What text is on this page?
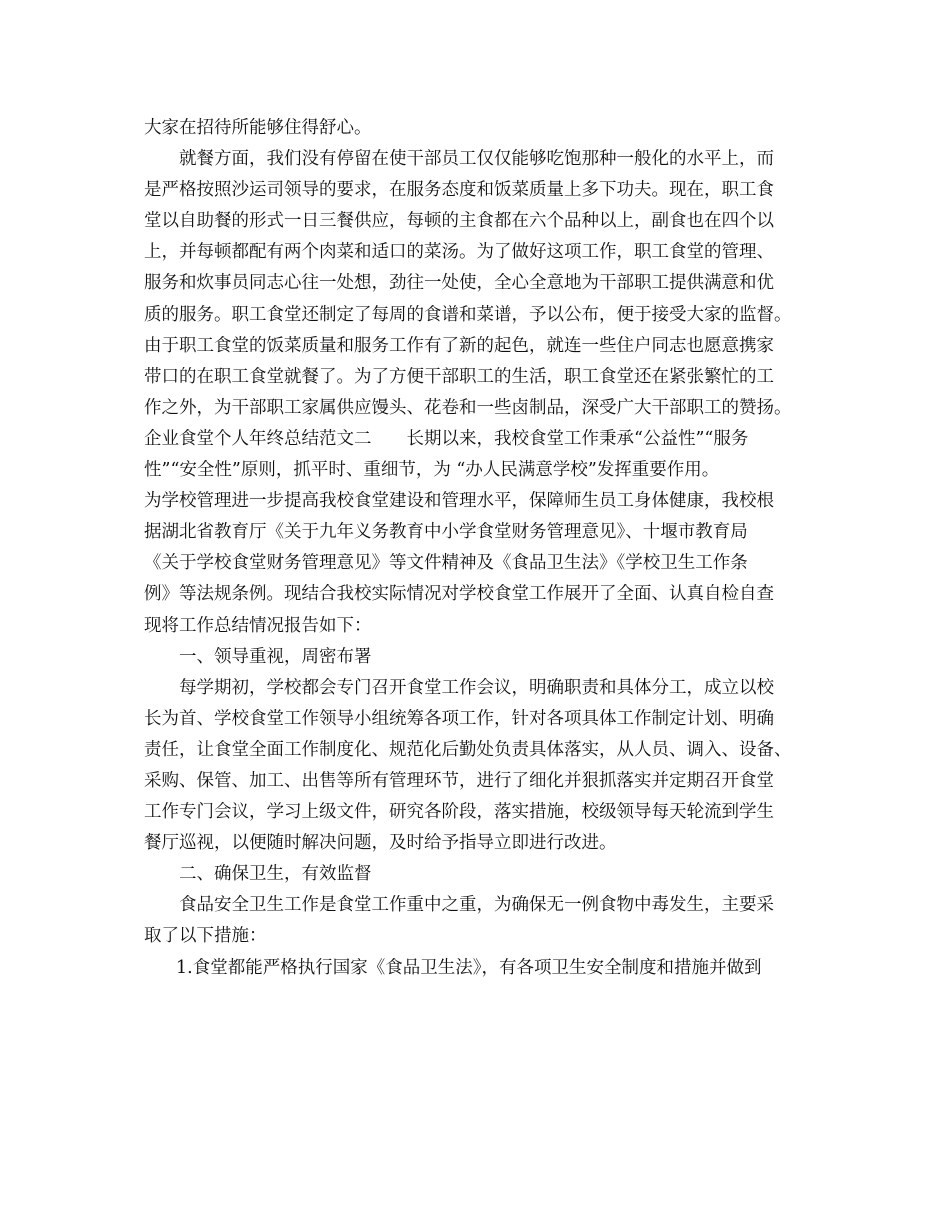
大家在招待所能够住得舒心。
就餐方面，我们没有停留在使干部员工仅仅能够吃饱那种一般化的水平上，而
是严格按照沙运司领导的要求，在服务态度和饭菜质量上多下功夫。现在，职工食
堂以自助餐的形式一日三餐供应，每顿的主食都在六个品种以上，副食也在四个以
上，并每顿都配有两个肉菜和适口的菜汤。为了做好这项工作，职工食堂的管理、
服务和炊事员同志心往一处想，劲往一处使，全心全意地为干部职工提供满意和优
质的服务。职工食堂还制定了每周的食谱和菜谱，予以公布，便于接受大家的监督。
由于职工食堂的饭菜质量和服务工作有了新的起色，就连一些住户同志也愿意携家
带口的在职工食堂就餐了。为了方便干部职工的生活，职工食堂还在紧张繁忙的工
作之外，为干部职工家属供应馒头、花卷和一些卤制品，深受广大干部职工的赞扬。
企业食堂个人年终总结范文二　　长期以来，我校食堂工作秉承“公益性”“服务
性”“安全性”原则，抓平时、重细节，为 “办人民满意学校”发挥重要作用。
为学校管理进一步提高我校食堂建设和管理水平，保障师生员工身体健康，我校根
据湖北省教育厅《关于九年义务教育中小学食堂财务管理意见》、十堰市教育局
《关于学校食堂财务管理意见》等文件精神及《食品卫生法》《学校卫生工作条
例》等法规条例。现结合我校实际情况对学校食堂工作展开了全面、认真自检自查
现将工作总结情况报告如下：
一、领导重视，周密布署
每学期初，学校都会专门召开食堂工作会议，明确职责和具体分工，成立以校
长为首、学校食堂工作领导小组统筹各项工作，针对各项具体工作制定计划、明确
责任，让食堂全面工作制度化、规范化后勤处负责具体落实，从人员、调入、设备、
采购、保管、加工、出售等所有管理环节，进行了细化并狠抓落实并定期召开食堂
工作专门会议，学习上级文件，研究各阶段，落实措施，校级领导每天轮流到学生
餐厅巡视，以便随时解决问题，及时给予指导立即进行改进。
二、确保卫生，有效监督
食品安全卫生工作是食堂工作重中之重，为确保无一例食物中毒发生，主要采
取了以下措施：
1.食堂都能严格执行国家《食品卫生法》，有各项卫生安全制度和措施并做到
